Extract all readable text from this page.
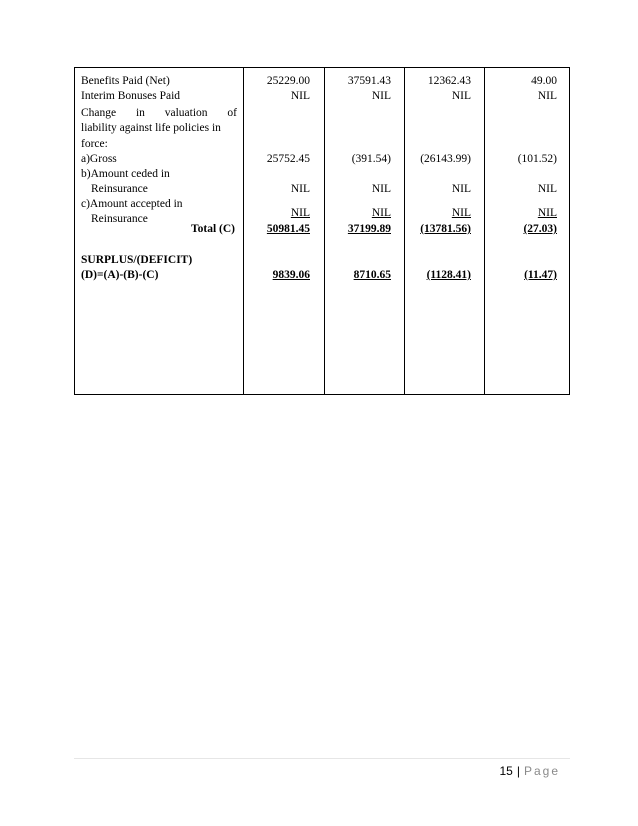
Benefits Paid (Net)	25229.00	37591.43	12362.43	49.00
Interim Bonuses Paid	NIL	NIL	NIL	NIL
Change in valuation of
liability against life policies in
force:
a)Gross	25752.45	(391.54)	(26143.99)	(101.52)
b)Amount ceded in
Reinsurance	NIL	NIL	NIL	NIL
c)Amount accepted in
Reinsurance	NIL	NIL	NIL	NIL
Total (C)	50981.45	37199.89	(13781.56)	(27.03)
SURPLUS/(DEFICIT)
(D)=(A)-(B)-(C)	9839.06	8710.65	(1128.41)	(11.47)
15 | Page
